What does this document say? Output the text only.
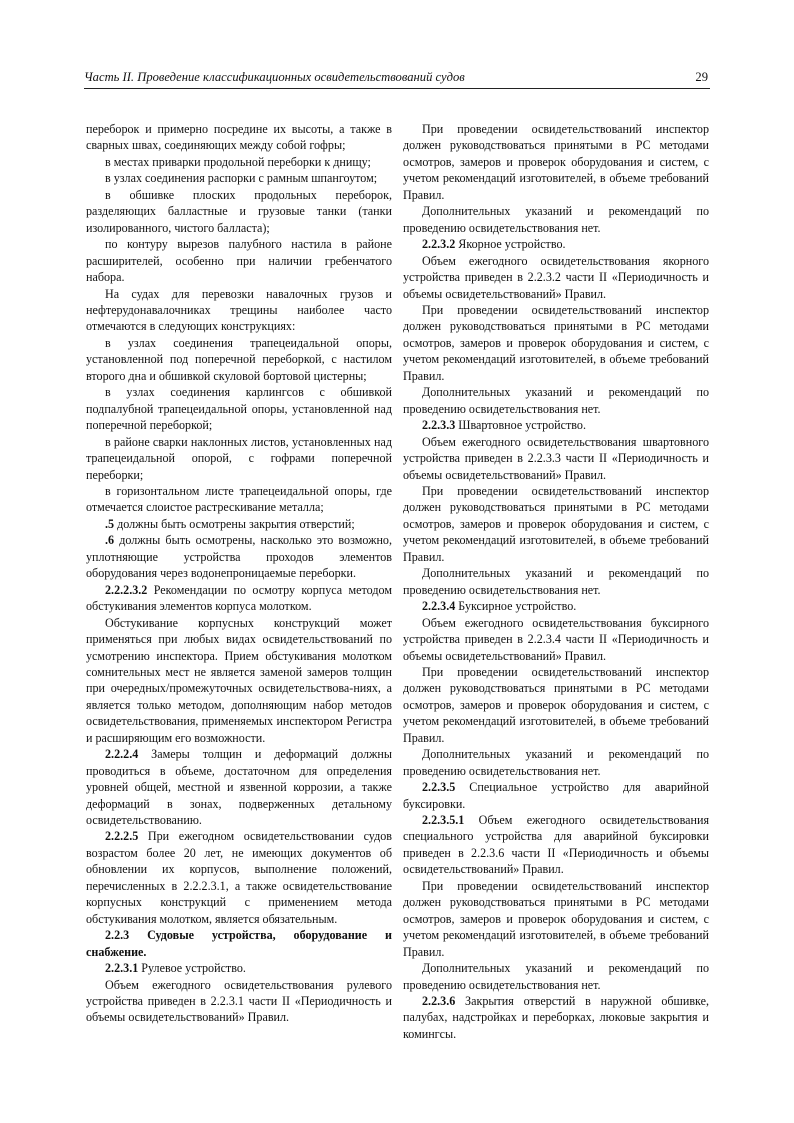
Часть II. Проведение классификационных освидетельствований судов	29

переборок и примерно посредине их высоты, а также в сварных швах, соединяющих между собой гофры;

в местах приварки продольной переборки к днищу;

в узлах соединения распорки с рамным шпангоутом;

в обшивке плоских продольных переборок, разделяющих балластные и грузовые танки (танки изолированного, чистого балласта);

по контуру вырезов палубного настила в районе расширителей, особенно при наличии гребенчатого набора.

На судах для перевозки навалочных грузов и нефтерудонавалочниках трещины наиболее часто отмечаются в следующих конструкциях:

в узлах соединения трапецеидальной опоры, установленной под поперечной переборкой, с настилом второго дна и обшивкой скуловой бортовой цистерны;

в узлах соединения карлингсов с обшивкой подпалубной трапецеидальной опоры, установленной над поперечной переборкой;

в районе сварки наклонных листов, установленных над трапецеидальной опорой, с гофрами поперечной переборки;

в горизонтальном листе трапецеидальной опоры, где отмечается слоистое растрескивание металла;

.5 должны быть осмотрены закрытия отверстий;

.6 должны быть осмотрены, насколько это возможно, уплотняющие устройства проходов элементов оборудования через водонепроницаемые переборки.

2.2.2.3.2 Рекомендации по осмотру корпуса методом обстукивания элементов корпуса молотком.

Обстукивание корпусных конструкций может применяться при любых видах освидетельствований по усмотрению инспектора. Прием обстукивания молотком сомнительных мест не является заменой замеров толщин при очередных/промежуточных освидетельствова-ниях, а является только методом, дополняющим набор методов освидетельствования, применяемых инспектором Регистра и расширяющим его возможности.

2.2.2.4 Замеры толщин и деформаций должны проводиться в объеме, достаточном для определения уровней общей, местной и язвенной коррозии, а также деформаций в зонах, подверженных детальному освидетельствованию.

2.2.2.5 При ежегодном освидетельствовании судов возрастом более 20 лет, не имеющих документов об обновлении их корпусов, выполнение положений, перечисленных в 2.2.2.3.1, а также освидетельствование корпусных конструкций с применением метода обстукивания молотком, является обязательным.

2.2.3 Судовые устройства, оборудование и снабжение.

2.2.3.1 Рулевое устройство.

Объем ежегодного освидетельствования рулевого устройства приведен в 2.2.3.1 части II «Периодичность и объемы освидетельствований» Правил.

При проведении освидетельствований инспектор должен руководствоваться принятыми в РС методами осмотров, замеров и проверок оборудования и систем, с учетом рекомендаций изготовителей, в объеме требований Правил.

Дополнительных указаний и рекомендаций по проведению освидетельствования нет.

2.2.3.2 Якорное устройство.

Объем ежегодного освидетельствования якорного устройства приведен в 2.2.3.2 части II «Периодичность и объемы освидетельствований» Правил.

При проведении освидетельствований инспектор должен руководствоваться принятыми в РС методами осмотров, замеров и проверок оборудования и систем, с учетом рекомендаций изготовителей, в объеме требований Правил.

Дополнительных указаний и рекомендаций по проведению освидетельствования нет.

2.2.3.3 Швартовное устройство.

Объем ежегодного освидетельствования швартовного устройства приведен в 2.2.3.3 части II «Периодичность и объемы освидетельствований» Правил.

При проведении освидетельствований инспектор должен руководствоваться принятыми в РС методами осмотров, замеров и проверок оборудования и систем, с учетом рекомендаций изготовителей, в объеме требований Правил.

Дополнительных указаний и рекомендаций по проведению освидетельствования нет.

2.2.3.4 Буксирное устройство.

Объем ежегодного освидетельствования буксирного устройства приведен в 2.2.3.4 части II «Периодичность и объемы освидетельствований» Правил.

При проведении освидетельствований инспектор должен руководствоваться принятыми в РС методами осмотров, замеров и проверок оборудования и систем, с учетом рекомендаций изготовителей, в объеме требований Правил.

Дополнительных указаний и рекомендаций по проведению освидетельствования нет.

2.2.3.5 Специальное устройство для аварийной буксировки.

2.2.3.5.1 Объем ежегодного освидетельствования специального устройства для аварийной буксировки приведен в 2.2.3.6 части II «Периодичность и объемы освидетельствований» Правил.

При проведении освидетельствований инспектор должен руководствоваться принятыми в РС методами осмотров, замеров и проверок оборудования и систем, с учетом рекомендаций изготовителей, в объеме требований Правил.

Дополнительных указаний и рекомендаций по проведению освидетельствования нет.

2.2.3.6 Закрытия отверстий в наружной обшивке, палубах, надстройках и переборках, люковые закрытия и комингсы.
